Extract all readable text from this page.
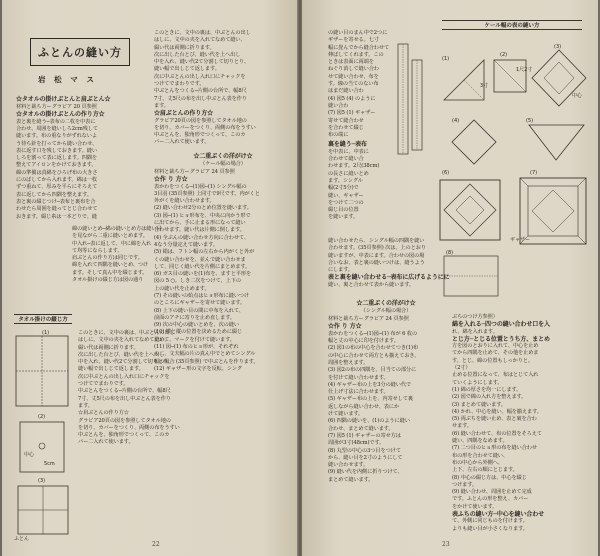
ふとんの縫い方
岩 松 マ ス

☆タオルの掛けぶとんと肩ぶとん☆

材料と裁ち方ーグラビア 20 頁参照
☆タオルの掛けぶとんの作り方☆
表と裏を縫う─表布の二枚を中表に
合わせ、周囲を縫いしろ2cm残して
縫います。布の重なりがずれないよ
う待ち針を打ってから縫い合わせ、
表に返す口を残しておきます。縫い
しろを割って表に返します。四隅を
整えてアイロンをかけておきます。
綿の準備は真綿をひろげ布の大きさ
にのばしてから入れます。綿は一枚
ずつ重ねて、厚みを平らにそろえて
表に返してから四隅を整えます。
表と裏の綴じつけ─表布と裏布を合
わせたら周囲を縫ってとじ合わせて
おきます。綴じ糸は一本どりで、縫
綿の縫いとめ─綿の縫いとめ方は縫い目
を見ながら二重に縫いとめます。
中入れ─表に返して、中に綿を入れ
て均等にならします。
肩ぶとんの作り方は同じです。
綿を入れて四隅を縫いとめ、つけ
ます。そして真ん中を綴じます。
タオル掛けの綴じ方は図の通り
タオル掛けの綴じ方
(1)
(2)
(3)
中心
5cm
ふとん
このときに、文中の裏は、中ぶとんの出し
はしに、文中の夹を入れてなめて縫い、
綴い代は両側に折ります。
次に出した台とび、縫い代を上へ出し
中を入れ、縫い代2て分割して切りとり、
縫い幅で出しじて返します。
次に中ぶとんの出し入れ口にチャックを
つけてでまわりです。
中ぶとんをつくる─片側の台所で、幅8尺
7寸、丈5尺の布を出し中ぶとん表を作り
ます。
☆肩ぶとんの作り方☆
グラビア20頁の図を参照してタオル地の
を切り、カバーをつくり、両側の布をうすい
中ぶとんを、独角形でつくって、このカ
バー二入れて使います。
このときに、文中の裏は、中ぶとんの出し
はしに、文中の夹を入れてなめて縫い、
綴い代は両側に折ります。
次に出した台とび、縫い代を上へ出し
中を入れ、縫い代2て分割して切りとり、
縫い幅で出しじて返します。
次に中ぶとんの出し入れ口にチャックを
つけてでまわりです。
中ぶとんをつくる─片側の台所で、幅8尺
7寸、丈5尺の布を出し中ぶとん表を作り
ます。
☆肩ぶとんの作り方☆
グラビア20頁の図を参照してタオル地の
を切り、カバーをつくり、両側の布をうすい
中ぶとんを、独角形でつくって、このカ
バー二入れて使います。

☆二重ぶくの洋がけ☆

（ケール幅の場合）

材料と裁ち方ーグラビア 24 頁参照
☆作 り 方☆
表かわをつくる─(1)図─(1) シングル幅の
3目羽 (35頁参照) 上同寸で9尺です。内がくと
外がくを縫い合わせます。
(2) 縫い合わせ2分のとめ位置を縫います。
(3) 図─(1) ヒョ形布を、中央に向かう形で
に出てから、手に止まる形になって縫い
合わせます。縫い代は片側に倒します。
(4) 全ぶんの縫い合わせ方向に合わせて、
4なう分量定えて縫います。
(5) 絹は、フトン幅の左右から内がくと外が
くの縫い合わせを、並んで縫い合わせま
して、同じく縫い代を片側にまとめます。
(6) ガス目の縫いを(1)布を、ますと平形を
図の 5 ○。しき二次をつけて、上下の
上の縫い代を止めます。
(7) その縫いの始点はヒョ形布に縫いつけ
のところにギャザーを寄せて縫います。
(8) 上下の縫い目の間に中布を入れて、
前面のアチに寄りを止め直します。
(9) 次の中心の縫いとめを、次の縫い
(10) 横と縦の位置を決めるために綴じ
止めて、マークを付けて縫います。
(11) 図─(1) 布のヒョ形が、それぞれ
の二、文夫幅の片の真ん中でとめてシングル
幅の場合 (35頁参照) で中ぶとんを作ります。
(12) ギャザー形の文字を反転、シング
22
の縫い目のまん中で2つに
ギザーを寄せる。七寸
幅に畳んでから縫合わせて
伸ばしてくれます。この
ときは表面に両端を
ねぐり消して縫い合わ
せて縫い合わせ、布を
す。線の当てのない布
はまだ縫い合わ
(4) 図5 (4) のように
縫い合わ
(7) 図5 (1) ギャザー
寄せて縫合わせ
を合わせて綴じ
布の端に
裏を縫う─表布
を中表に、中表に
合わせて縫い合
わせます。2尺(38cm)
の長さに縫いとめ
ます。シングル
幅(2寸5分)で
縫い、ギャザー
をつけて二つの
綴じ目の位置
を縫います。
ケール幅の表の縫い方
(1)
(2)
(3)
(4)	(5)
(6)	(7)
(8)
中心
3寸
1尺2寸
ギャザー
縫い合わせたら、シングル幅の四隅を縫い
合わせます。(35頁参照) 次は、上のとおり
縫いますが、中表にます。合わせの図の場
合いなお、表と裏の縫いつけは、縫うよう
にします。
表と裏を縫い合わせる─表布に広げるようにに
縫い、裏と合わせて表から縫います。

☆二重ぶくの洋がけ☆

（シングル幅の場合）

材料と裁ち方ーグラビア 24 頁参照
☆作 り 方☆
表かわをつくる─(1)図─(1) 布が 6 枚の
幅と丈の中心に印を付けます。
(2) 図1の布の中心を合わせてつき(1)布
の中心に合わせて両方とも揃えておき、
周囲を整えます。
(3) 図2の布の四隅を、目当ての部分に
を付けて縫い合わせます。
(4) ギャザー布の上を3分の縫い代で
仕上げ寸法に合わせます。
(5) ギャザー布の上を、内寄せして裏
返しながら縫い合わせ、表にか
けて縫います。
(6) 四隅の縫いを、(1)のように縫い
合わせ、まとめて縫います。
(7) 図5 (1) ギャザーの寄せ方は
周囲が3寸(48cm)です。
(8) 丸型の中心の3つ目をつけて
から、縫い目を2寸のようにして
縫い合わせます。
(9) 縫い代を内側に折りつけて、
まとめて縫います。
ぶちのつけ方参照）
綿を入れる─四つの縫い合わせ口を入
れ、綿を入れます。
とじ方─とじる位置とうち方、まとめ
方を図のとおりに入れて、中心を止め
てから四隅を止めて、その他を止めま
す。とじ、綿の位置もしっかりと。
（2寸）
止める位置になって、布はとじて入れ
ていくようにします。
(1) 綿の厚さを均一にします。
(2) 図で綿の入れ方を整えます。
(3) まとめて縫います。
(4) かれ、中心を縫い、幅を揃えます。
(5) 両ぶちを縫い止め、表と裏を合わ
せます。
(6) 縫い合わせて、布の位置をそろえて
縫い、四隅をなめます。
(7) 二つ目のヒョ形の布を縫い合わせ
布の形を合わせて縫い、
布の中心から外側へ、
上下、左右の順にとじます。
(8) 中心の綴じ方は、中心を綴じ
つけます。
(9) 縫い合わせ、周囲を止めて完成
です。ふとんの形を整え、カバー
をかけて使います。
表ふちの縫い方─中心を縫い合わせ
て、外側に同じものを付けます。
よりも縫い目が小さくなります。
23
